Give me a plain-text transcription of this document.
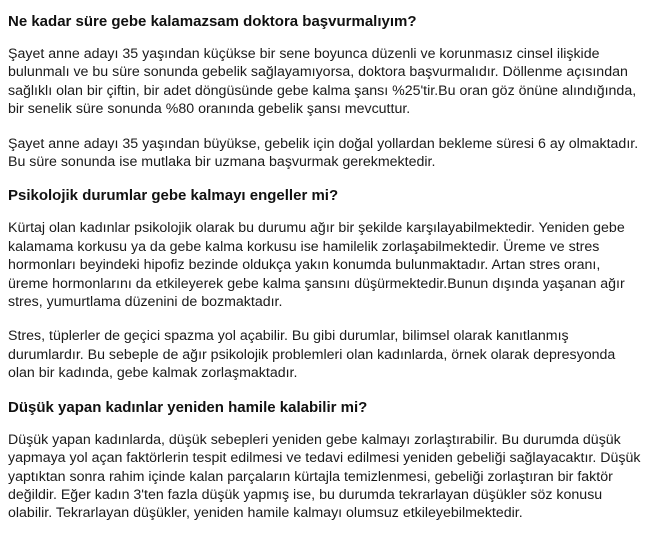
Ne kadar süre gebe kalamazsam doktora başvurmalıyım?

Şayet anne adayı 35 yaşından küçükse bir sene boyunca düzenli ve korunmasız cinsel ilişkide bulunmalı ve bu süre sonunda gebelik sağlayamıyorsa, doktora başvurmalıdır. Döllenme açısından sağlıklı olan bir çiftin, bir adet döngüsünde gebe kalma şansı %25'tir.Bu oran göz önüne alındığında, bir senelik süre sonunda %80 oranında gebelik şansı mevcuttur.

Şayet anne adayı 35 yaşından büyükse, gebelik için doğal yollardan bekleme süresi 6 ay olmaktadır. Bu süre sonunda ise mutlaka bir uzmana başvurmak gerekmektedir.

Psikolojik durumlar gebe kalmayı engeller mi?

Kürtaj olan kadınlar psikolojik olarak bu durumu ağır bir şekilde karşılayabilmektedir. Yeniden gebe kalamama korkusu ya da gebe kalma korkusu ise hamilelik zorlaşabilmektedir. Üreme ve stres hormonları beyindeki hipofiz bezinde oldukça yakın konumda bulunmaktadır. Artan stres oranı, üreme hormonlarını da etkileyerek gebe kalma şansını düşürmektedir.Bunun dışında yaşanan ağır stres, yumurtlama düzenini de bozmaktadır.

Stres, tüplerler de geçici spazma yol açabilir. Bu gibi durumlar, bilimsel olarak kanıtlanmış durumlardır. Bu sebeple de ağır psikolojik problemleri olan kadınlarda, örnek olarak depresyonda olan bir kadında, gebe kalmak zorlaşmaktadır.

Düşük yapan kadınlar yeniden hamile kalabilir mi?

Düşük yapan kadınlarda, düşük sebepleri yeniden gebe kalmayı zorlaştırabilir. Bu durumda düşük yapmaya yol açan faktörlerin tespit edilmesi ve tedavi edilmesi yeniden gebeliği sağlayacaktır. Düşük yaptıktan sonra rahim içinde kalan parçaların kürtajla temizlenmesi, gebeliği zorlaştıran bir faktör değildir. Eğer kadın 3'ten fazla düşük yapmış ise, bu durumda tekrarlayan düşükler söz konusu olabilir. Tekrarlayan düşükler, yeniden hamile kalmayı olumsuz etkileyebilmektedir.
